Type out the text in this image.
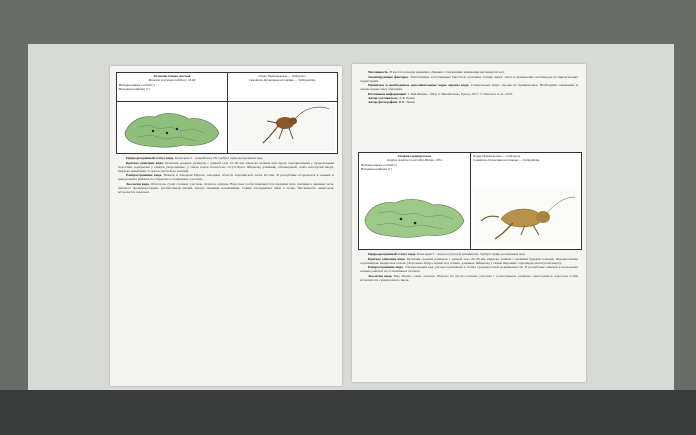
Кузнечик бледно-желтый
Montana eversmanni (Kittary, 1849)
Находки живых особей (•)
Находки погибших (+)
Отряд Прямокрылые — Orthoptera
Семейство Кузнечики настоящие — Tettigoniidae

Природоохранный статус вида. Категория 3 – редкий вид. Не требует природоохранных мер.

Краткое описание вида. Кузнечик средних размеров с длиной тела 15–26 мм. Окраска зелёная или бурая, переднеспинка с продольными полосами, надкрылья у самцов укороченные, у самок почти полностью отсутствуют. Яйцеклад длинный, саблевидный, слабо изогнутый вверх. Окраска изменчива от светло-желтой до зеленой.

Распространение вида. Южная и Западная Европа, западные области европейской части России. В республике встречается в южных и центральных районах на открытых остепненных участках.

Экология вида. Обитатель сухих степных участков, склонов, опушек. Взрослые особи появляются в середине лета. Активен в дневные часы, питается преимущественно растительной пищей, иногда мелкими насекомыми. Самки откладывают яйца в почву. Численность невысокая, встречается локально.

Численность. В местах находок единична. Данных о тенденциях изменения численности нет.

Лимитирующие факторы. Уничтожение естественных биотопов, распашка степей, выпас скота и применение пестицидов на прилегающих территориях.

Принятые и необходимые дополнительные меры охраны вида. Специальные меры охраны не принимались. Необходимо выявление и охрана новых мест обитания.

Источники информации: 1. Бей-Биенко, 1954; 2. Михайленко, Рунец, 2017; 3. Nekrasov et al., 2023.

Автор-составитель: А.Б. Рунец

Автор фотографии: В.В. Тепин

Изофия среднерусская
Isophya modesta rossica Bey-Bienko, 1954
Находки живых особей (•)
Находки погибших (+)
Отряд Прямокрылые — Orthoptera
Семейство Кузнечики настоящие — Tettigoniidae

Природоохранный статус вида. Категория 3 – вид под угрозой уязвимости. Требует природоохранных мер.

Краткое описание вида. Кузнечик средних размеров с длиной тела 20–28 мм. Окраска зелёная с мелкими бурыми точками. Переднеспинка седловидная, надкрылья сильно укорочены. Бёдра задних ног тонкие, длинные. Яйцеклад у самки широкий, серповидно изогнутый кверху.

Распространение вида. Узкоареальный вид, распространённый в степях Среднерусской возвышенности. В республике отмечен в нескольких южных районах на остепнённых склонах.

Экология вида. Вид обычно очень локален. Обитает на лугово-степных участках с разнотравьем, развитие одногодичное, взрослые особи встречаются с конца мая по июль.
